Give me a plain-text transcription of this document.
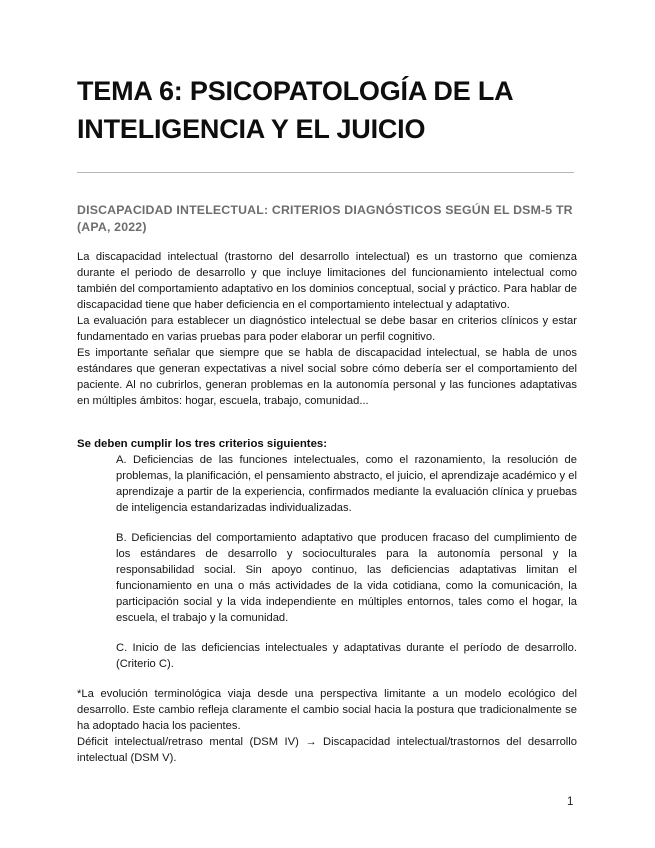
TEMA 6: PSICOPATOLOGÍA DE LA INTELIGENCIA Y EL JUICIO
DISCAPACIDAD INTELECTUAL: CRITERIOS DIAGNÓSTICOS SEGÚN EL DSM-5 TR (APA, 2022)

La discapacidad intelectual (trastorno del desarrollo intelectual) es un trastorno que comienza durante el periodo de desarrollo y que incluye limitaciones del funcionamiento intelectual como también del comportamiento adaptativo en los dominios conceptual, social y práctico. Para hablar de discapacidad tiene que haber deficiencia en el comportamiento intelectual y adaptativo.

La evaluación para establecer un diagnóstico intelectual se debe basar en criterios clínicos y estar fundamentado en varias pruebas para poder elaborar un perfil cognitivo.

Es importante señalar que siempre que se habla de discapacidad intelectual, se habla de unos estándares que generan expectativas a nivel social sobre cómo debería ser el comportamiento del paciente. Al no cubrirlos, generan problemas en la autonomía personal y las funciones adaptativas en múltiples ámbitos: hogar, escuela, trabajo, comunidad...

Se deben cumplir los tres criterios siguientes:

A. Deficiencias de las funciones intelectuales, como el razonamiento, la resolución de problemas, la planificación, el pensamiento abstracto, el juicio, el aprendizaje académico y el aprendizaje a partir de la experiencia, confirmados mediante la evaluación clínica y pruebas de inteligencia estandarizadas individualizadas.

B. Deficiencias del comportamiento adaptativo que producen fracaso del cumplimiento de los estándares de desarrollo y socioculturales para la autonomía personal y la responsabilidad social. Sin apoyo continuo, las deficiencias adaptativas limitan el funcionamiento en una o más actividades de la vida cotidiana, como la comunicación, la participación social y la vida independiente en múltiples entornos, tales como el hogar, la escuela, el trabajo y la comunidad.

C. Inicio de las deficiencias intelectuales y adaptativas durante el período de desarrollo. (Criterio C).

*La evolución terminológica viaja desde una perspectiva limitante a un modelo ecológico del desarrollo. Este cambio refleja claramente el cambio social hacia la postura que tradicionalmente se ha adoptado hacia los pacientes.

Déficit intelectual/retraso mental (DSM IV) → Discapacidad intelectual/trastornos del desarrollo intelectual (DSM V).

1
